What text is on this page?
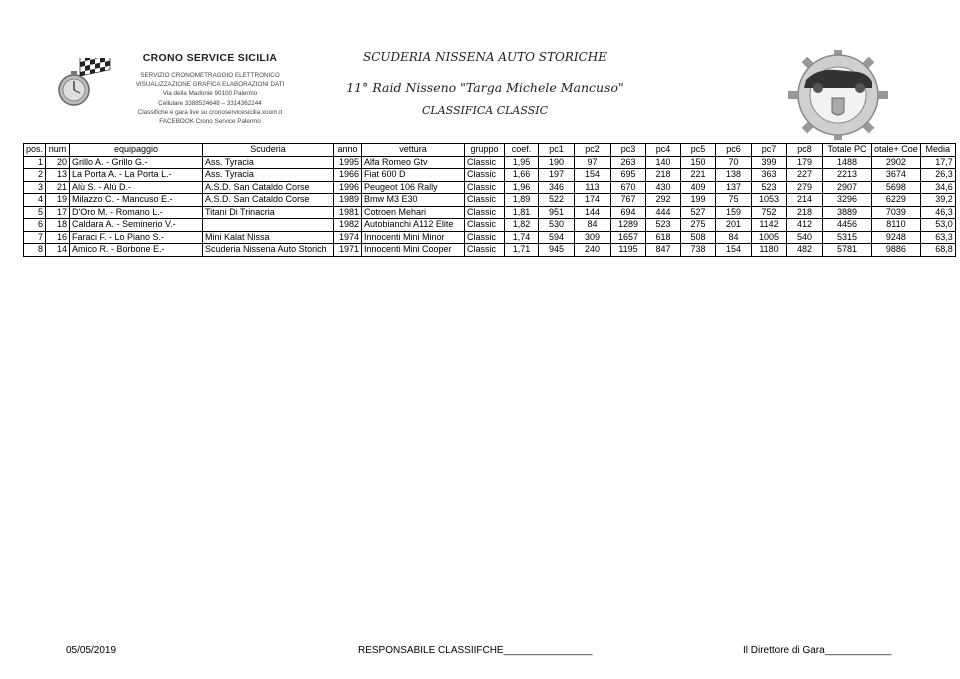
CRONO SERVICE SICILIA
SERVIZIO CRONOMETRAGGIO ELETTRONICO
VISUALIZZAZIONE GRAFICA ELABORAZIONI DATI
Via della Madonie 90100 Palermo
Cellulare 3388524648 – 3314362244
Classifiche e gara live su cronoservicesicilia.xoom.it
FACEBOOK Crono Service Palermo
SCUDERIA NISSENA AUTO STORICHE
11° Raid Nisseno "Targa Michele Mancuso"
CLASSIFICA CLASSIC
pos.	num	equipaggio	Scuderia	anno	vettura	gruppo	coef.	pc1	pc2	pc3	pc4	pc5	pc6	pc7	pc8	Totale PC	otale+ Coe	Media
1	20	Grillo A. - Grillo G.-	Ass. Tyracia	1995	Alfa Romeo Gtv	Classic	1,95	190	97	263	140	150	70	399	179	1488	2902	17,7
2	13	La Porta A. - La Porta L.-	Ass. Tyracia	1966	Fiat 600 D	Classic	1,66	197	154	695	218	221	138	363	227	2213	3674	26,3
3	21	Alù S. - Alù D.-	A.S.D. San Cataldo Corse	1996	Peugeot 106 Rally	Classic	1,96	346	113	670	430	409	137	523	279	2907	5698	34,6
4	19	Milazzo C. - Mancuso E.-	A.S.D. San Cataldo Corse	1989	Bmw M3 E30	Classic	1,89	522	174	767	292	199	75	1053	214	3296	6229	39,2
5	17	D'Oro M. - Romano L.-	Titani Di Trinacria	1981	Cotroen Mehari	Classic	1,81	951	144	694	444	527	159	752	218	3889	7039	46,3
6	18	Caldara A. - Seminerio V.-		1982	Autobianchi A112 Elite	Classic	1,82	530	84	1289	523	275	201	1142	412	4456	8110	53,0
7	16	Faraci F. - Lo Piano S.-	Mini Kalat Nissa	1974	Innocenti Mini Minor	Classic	1,74	594	309	1657	618	508	84	1005	540	5315	9248	63,3
8	14	Amico R. - Borbone E.-	Scuderia Nissena Auto Storich	1971	Innocenti Mini Cooper	Classic	1,71	945	240	1195	847	738	154	1180	482	5781	9886	68,8
05/05/2019	RESPONSABILE CLASSIIFCHE________________	Il Direttore di Gara____________
